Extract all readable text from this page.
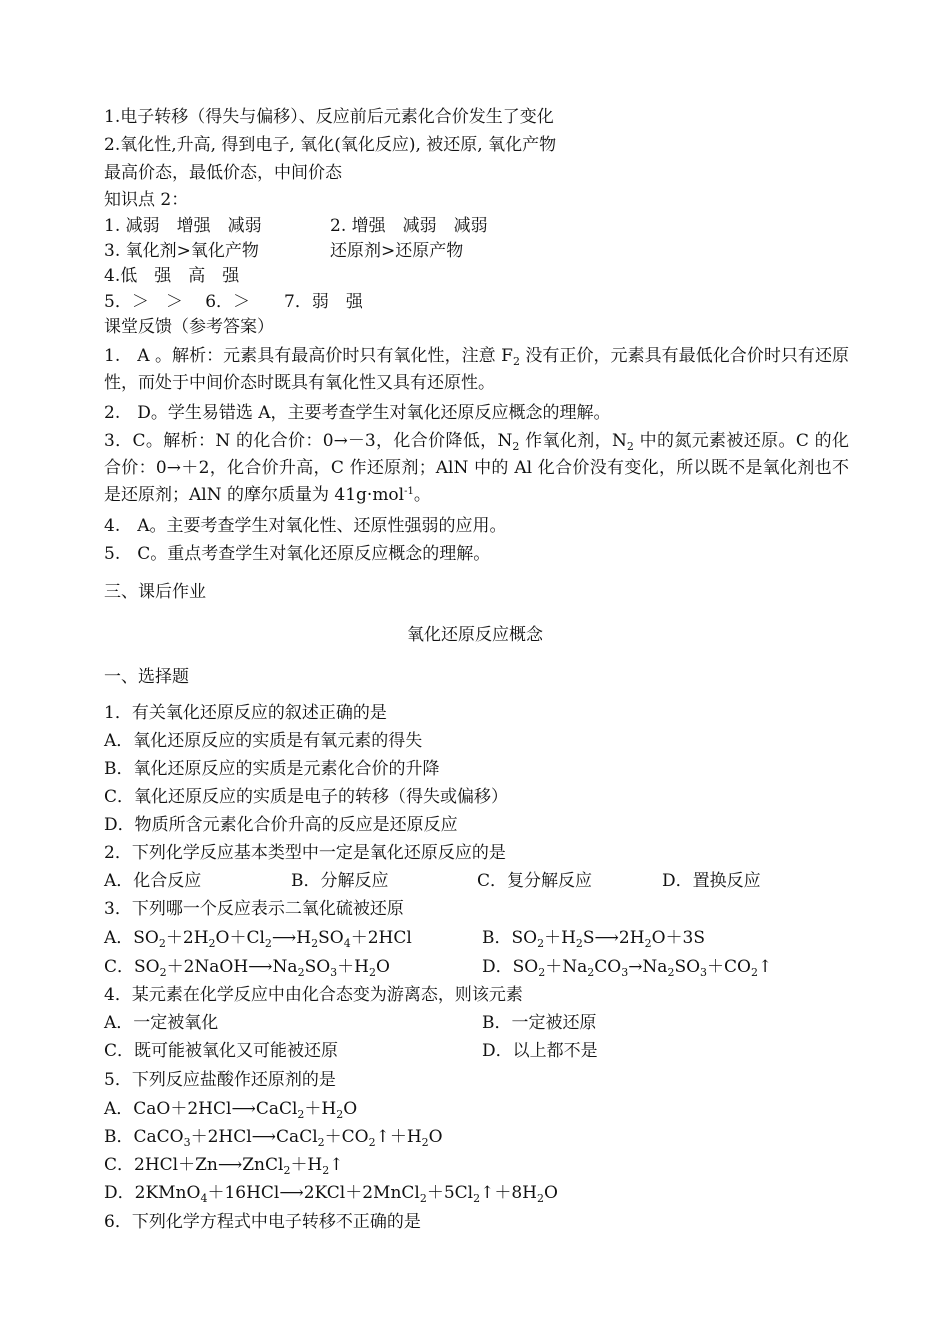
1.电子转移（得失与偏移）、反应前后元素化合价发生了变化
2.氧化性,升高, 得到电子, 氧化(氧化反应), 被还原, 氧化产物
最高价态，最低价态，中间价态
知识点 2：
1. 减弱　增强　减弱	2. 增强　减弱　减弱
3. 氧化剂>氧化产物	还原剂>还原产物
4.低　强　高　强
5．＞　＞　 6．＞　　7．弱　强
课堂反馈（参考答案）
1.　A 。解析：元素具有最高价时只有氧化性，注意 $F_2$ 没有正价，元素具有最低化合价时只有还原性，而处于中间价态时既具有氧化性又具有还原性。
2.　D。学生易错选 A，主要考查学生对氧化还原反应概念的理解。
3．C。解析：N 的化合价：0→－3，化合价降低，$N_2$ 作氧化剂，$N_2$ 中的氮元素被还原。C 的化合价：0→＋2，化合价升高，C 作还原剂；AlN 中的 Al 化合价没有变化，所以既不是氧化剂也不是还原剂；AlN 的摩尔质量为 41g·mol$^{-1}$。
4.　A。主要考查学生对氧化性、还原性强弱的应用。
5.　C。重点考查学生对氧化还原反应概念的理解。
三、课后作业
氧化还原反应概念
一、选择题
1．有关氧化还原反应的叙述正确的是
A．氧化还原反应的实质是有氧元素的得失
B．氧化还原反应的实质是元素化合价的升降
C．氧化还原反应的实质是电子的转移（得失或偏移）
D．物质所含元素化合价升高的反应是还原反应
2．下列化学反应基本类型中一定是氧化还原反应的是
A．化合反应	B．分解反应	C．复分解反应	D．置换反应
3．下列哪一个反应表示二氧化硫被还原
A．$SO_2+2H_2O+Cl_2⟶H_2SO_4+2HCl$	B．$SO_2+H_2S⟶2H_2O+3S$
C．$SO_2+2NaOH⟶Na_2SO_3+H_2O$	D．$SO_2+Na_2CO_3\to Na_2SO_3+CO_2↑$
4．某元素在化学反应中由化合态变为游离态，则该元素
A．一定被氧化	B．一定被还原
C．既可能被氧化又可能被还原	D．以上都不是
5．下列反应盐酸作还原剂的是
A．$CaO+2HCl⟶CaCl_2+H_2O$
B．$CaCO_3+2HCl⟶CaCl_2+CO_2↑+H_2O$
C．$2HCl+Zn⟶ZnCl_2+H_2↑$
D．$2KMnO_4+16HCl⟶2KCl+2MnCl_2+5Cl_2↑+8H_2O$
6．下列化学方程式中电子转移不正确的是
